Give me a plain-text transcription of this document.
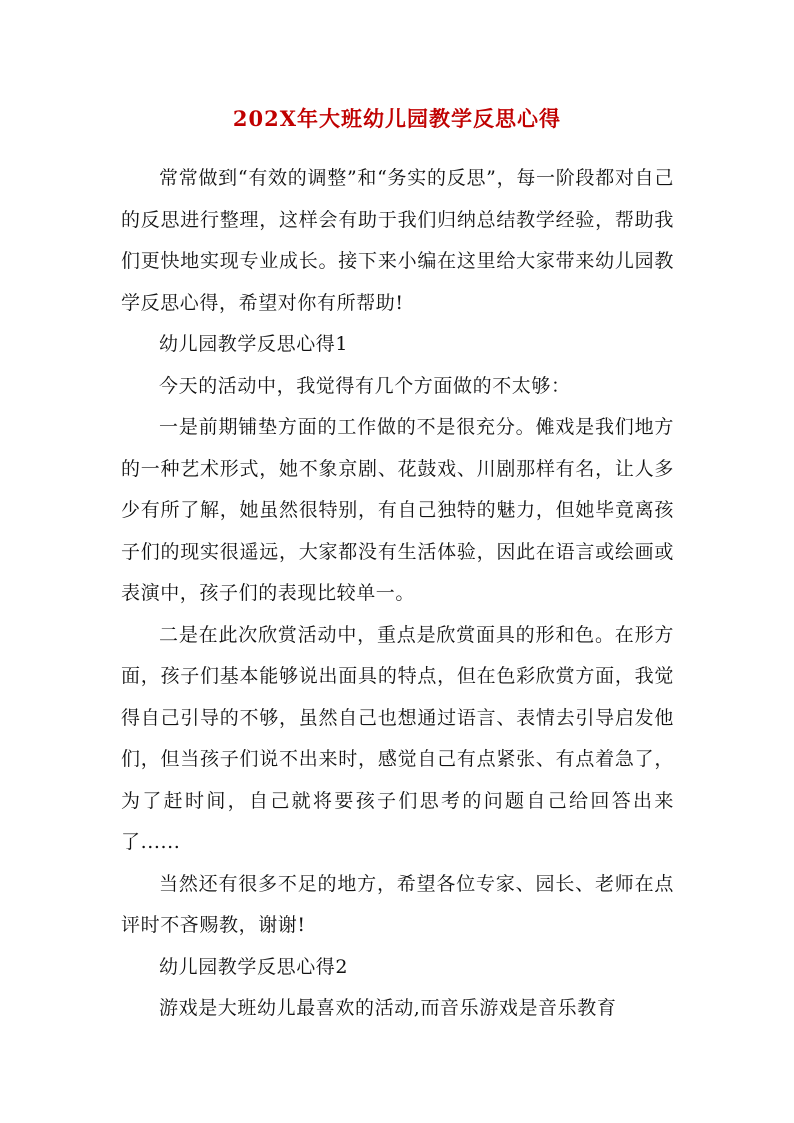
202X年大班幼儿园教学反思心得

常常做到“有效的调整”和“务实的反思”，每一阶段都对自己的反思进行整理，这样会有助于我们归纳总结教学经验，帮助我们更快地实现专业成长。接下来小编在这里给大家带来幼儿园教学反思心得，希望对你有所帮助!

幼儿园教学反思心得1

今天的活动中，我觉得有几个方面做的不太够：

一是前期铺垫方面的工作做的不是很充分。傩戏是我们地方的一种艺术形式，她不象京剧、花鼓戏、川剧那样有名，让人多少有所了解，她虽然很特别，有自己独特的魅力，但她毕竟离孩子们的现实很遥远，大家都没有生活体验，因此在语言或绘画或表演中，孩子们的表现比较单一。

二是在此次欣赏活动中，重点是欣赏面具的形和色。在形方面，孩子们基本能够说出面具的特点，但在色彩欣赏方面，我觉得自己引导的不够，虽然自己也想通过语言、表情去引导启发他们，但当孩子们说不出来时，感觉自己有点紧张、有点着急了，为了赶时间，自己就将要孩子们思考的问题自己给回答出来了......

当然还有很多不足的地方，希望各位专家、园长、老师在点评时不吝赐教，谢谢!

幼儿园教学反思心得2

游戏是大班幼儿最喜欢的活动,而音乐游戏是音乐教育
